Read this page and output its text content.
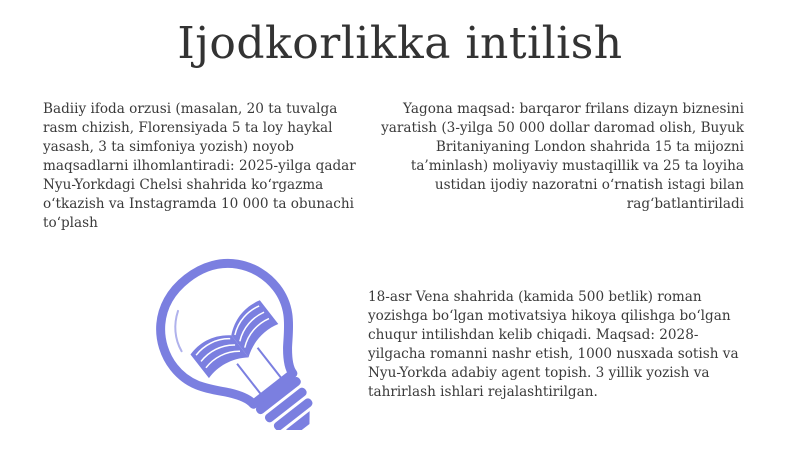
Ijodkorlikka intilish
Badiiy ifoda orzusi (masalan, 20 ta tuvalga rasm chizish, Florensiyada 5 ta loy haykal yasash, 3 ta simfoniya yozish) noyob maqsadlarni ilhomlantiradi: 2025-yilga qadar Nyu-Yorkdagi Chelsi shahrida ko‘rgazma o‘tkazish va Instagramda 10 000 ta obunachi to‘plash
Yagona maqsad: barqaror frilans dizayn biznesini yaratish (3-yilga 50 000 dollar daromad olish, Buyuk Britaniyaning London shahrida 15 ta mijozni ta’minlash) moliyaviy mustaqillik va 25 ta loyiha ustidan ijodiy nazoratni o‘rnatish istagi bilan rag‘batlantiriladi
18-asr Vena shahrida (kamida 500 betlik) roman yozishga bo‘lgan motivatsiya hikoya qilishga bo‘lgan chuqur intilishdan kelib chiqadi. Maqsad: 2028-yilgacha romanni nashr etish, 1000 nusxada sotish va Nyu-Yorkda adabiy agent topish. 3 yillik yozish va tahrirlash ishlari rejalashtirilgan.
